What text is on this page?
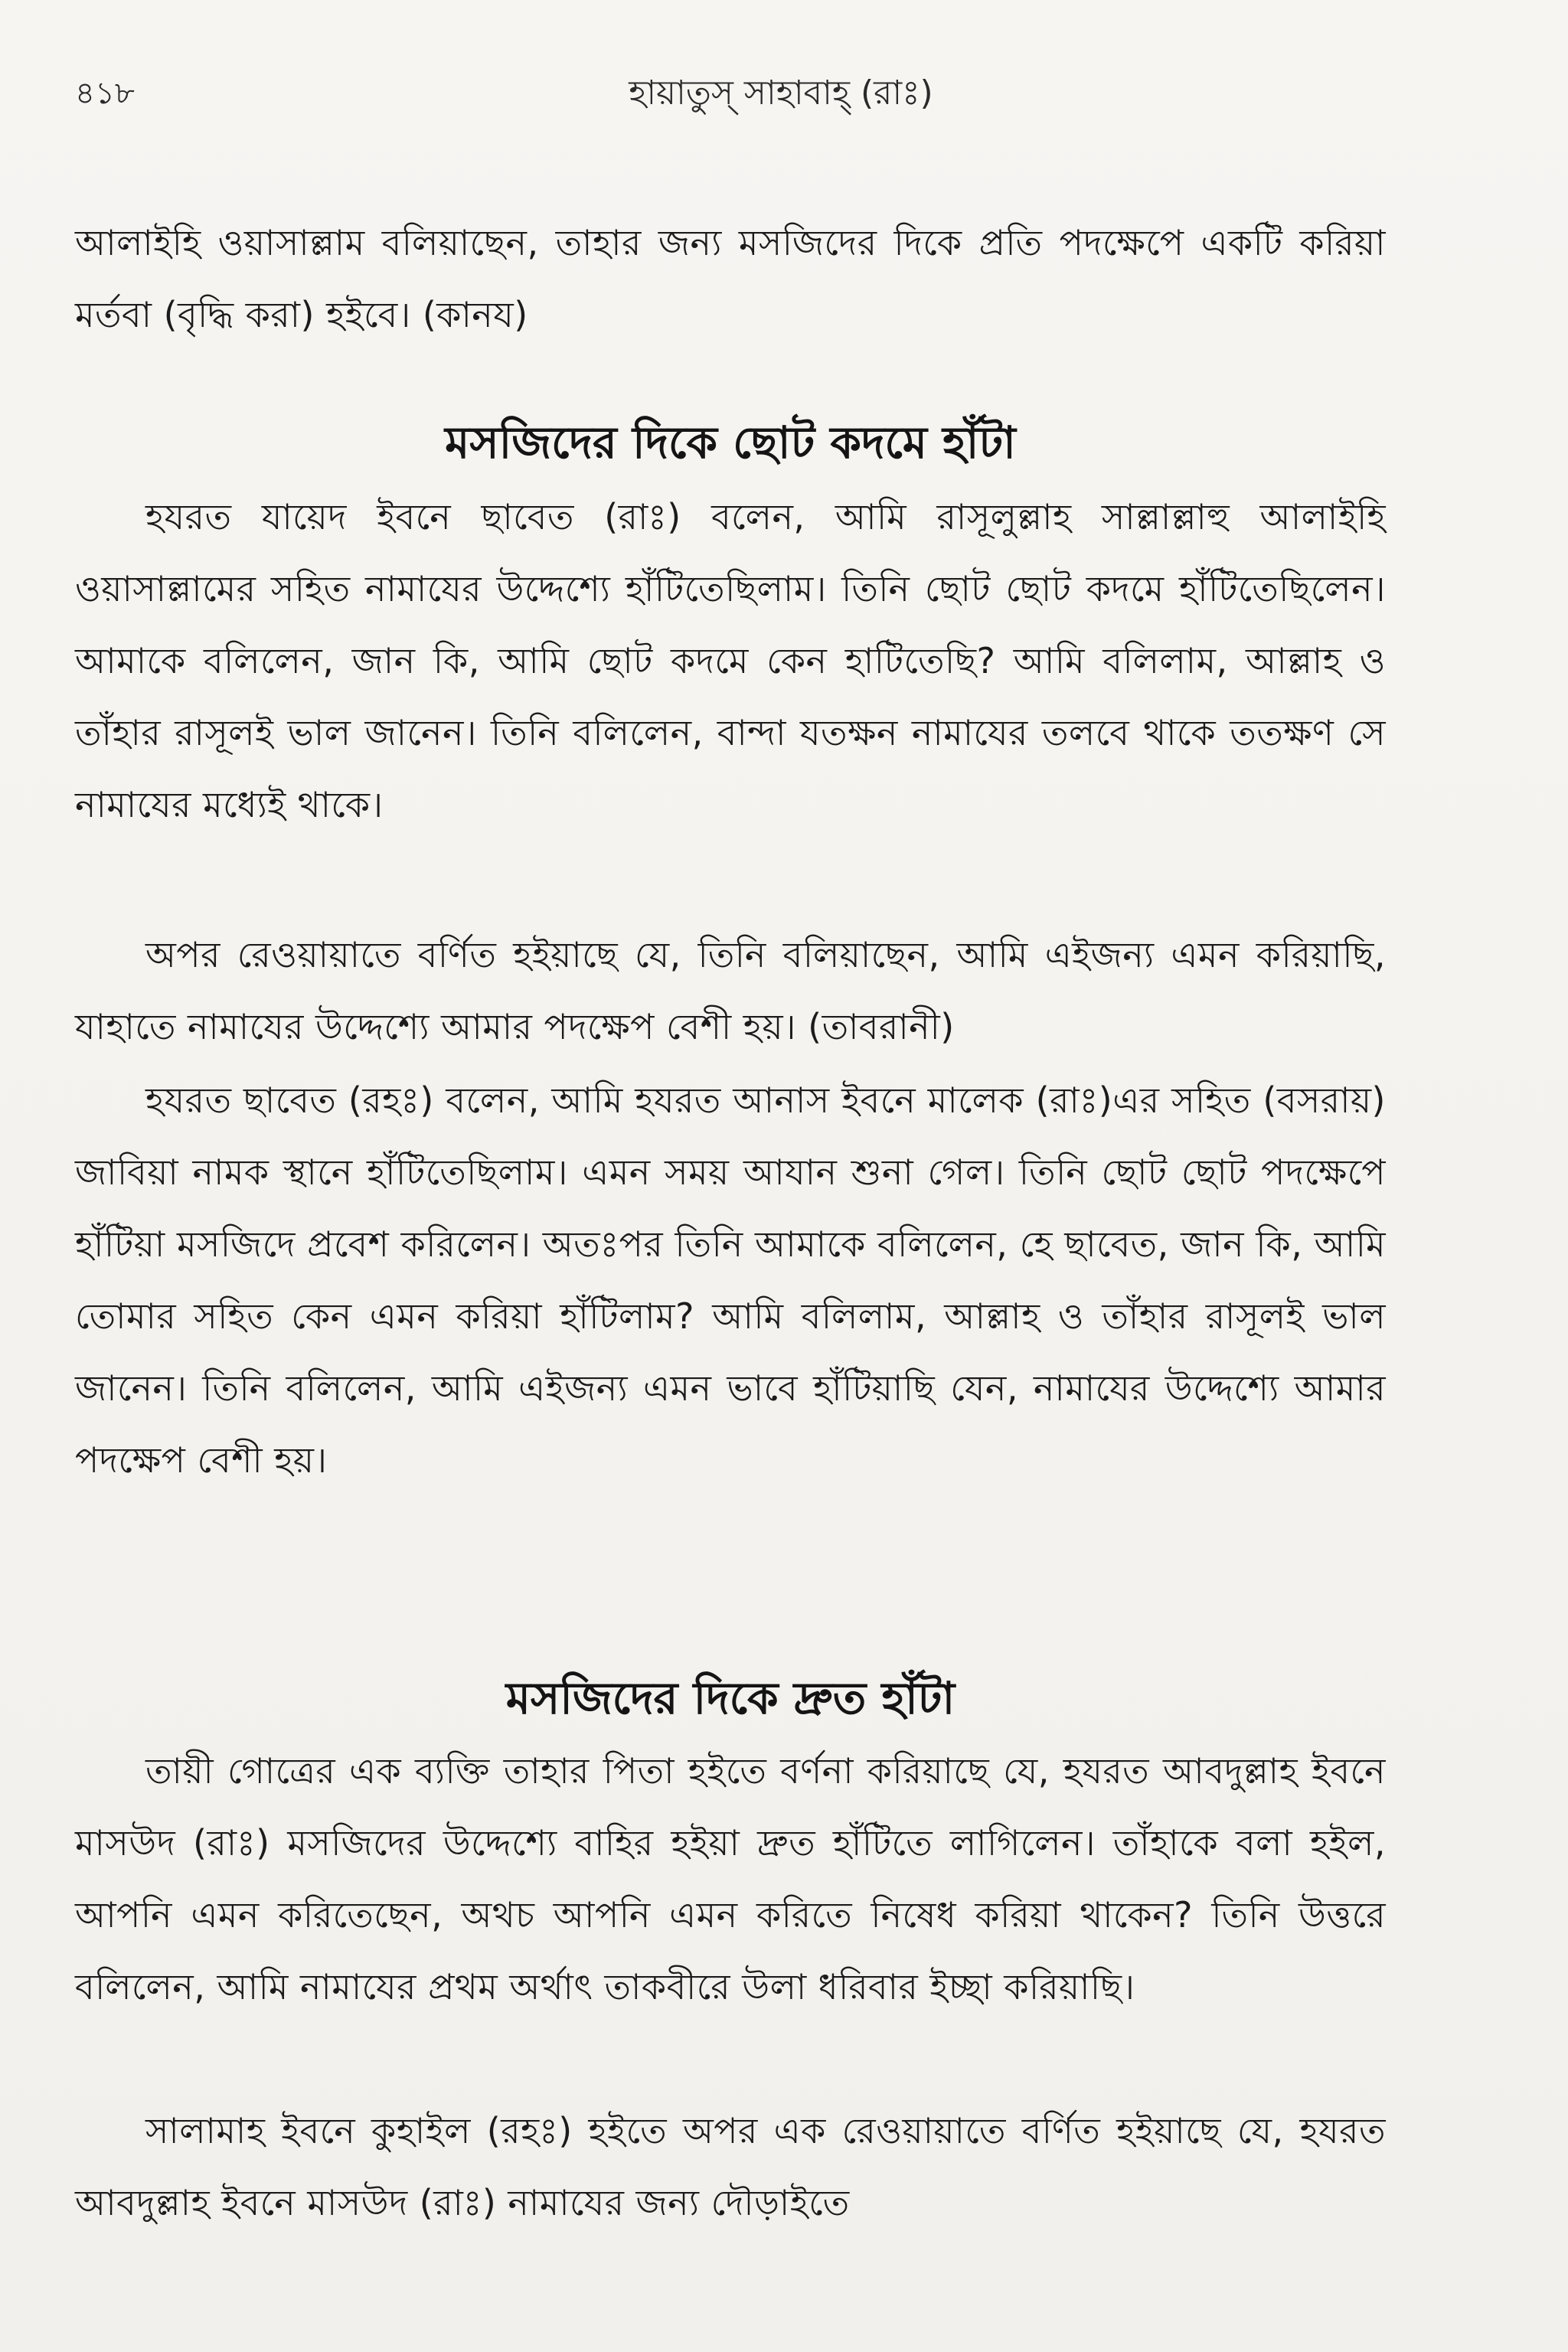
৪১৮	হায়াতুস্‌ সাহাবাহ্‌ (রাঃ)

আলাইহি ওয়াসাল্লাম বলিয়াছেন, তাহার জন্য মসজিদের দিকে প্রতি পদক্ষেপে একটি করিয়া মর্তবা (বৃদ্ধি করা) হইবে। (কানয)

মসজিদের দিকে ছোট কদমে হাঁটা

হযরত যায়েদ ইবনে ছাবেত (রাঃ) বলেন, আমি রাসূলুল্লাহ সাল্লাল্লাহু আলাইহি ওয়াসাল্লামের সহিত নামাযের উদ্দেশ্যে হাঁটিতেছিলাম। তিনি ছোট ছোট কদমে হাঁটিতেছিলেন। আমাকে বলিলেন, জান কি, আমি ছোট কদমে কেন হাটিতেছি? আমি বলিলাম, আল্লাহ ও তাঁহার রাসূলই ভাল জানেন। তিনি বলিলেন, বান্দা যতক্ষন নামাযের তলবে থাকে ততক্ষণ সে নামাযের মধ্যেই থাকে।

অপর রেওয়ায়াতে বর্ণিত হইয়াছে যে, তিনি বলিয়াছেন, আমি এইজন্য এমন করিয়াছি, যাহাতে নামাযের উদ্দেশ্যে আমার পদক্ষেপ বেশী হয়। (তাবরানী)

হযরত ছাবেত (রহঃ) বলেন, আমি হযরত আনাস ইবনে মালেক (রাঃ)এর সহিত (বসরায়) জাবিয়া নামক স্থানে হাঁটিতেছিলাম। এমন সময় আযান শুনা গেল। তিনি ছোট ছোট পদক্ষেপে হাঁটিয়া মসজিদে প্রবেশ করিলেন। অতঃপর তিনি আমাকে বলিলেন, হে ছাবেত, জান কি, আমি তোমার সহিত কেন এমন করিয়া হাঁটিলাম? আমি বলিলাম, আল্লাহ ও তাঁহার রাসূলই ভাল জানেন। তিনি বলিলেন, আমি এইজন্য এমন ভাবে হাঁটিয়াছি যেন, নামাযের উদ্দেশ্যে আমার পদক্ষেপ বেশী হয়।

মসজিদের দিকে দ্রুত হাঁটা

তায়ী গোত্রের এক ব্যক্তি তাহার পিতা হইতে বর্ণনা করিয়াছে যে, হযরত আবদুল্লাহ ইবনে মাসউদ (রাঃ) মসজিদের উদ্দেশ্যে বাহির হইয়া দ্রুত হাঁটিতে লাগিলেন। তাঁহাকে বলা হইল, আপনি এমন করিতেছেন, অথচ আপনি এমন করিতে নিষেধ করিয়া থাকেন? তিনি উত্তরে বলিলেন, আমি নামাযের প্রথম অর্থাৎ তাকবীরে উলা ধরিবার ইচ্ছা করিয়াছি।

সালামাহ ইবনে কুহাইল (রহঃ) হইতে অপর এক রেওয়ায়াতে বর্ণিত হইয়াছে যে, হযরত আবদুল্লাহ ইবনে মাসউদ (রাঃ) নামাযের জন্য দৌড়াইতে
